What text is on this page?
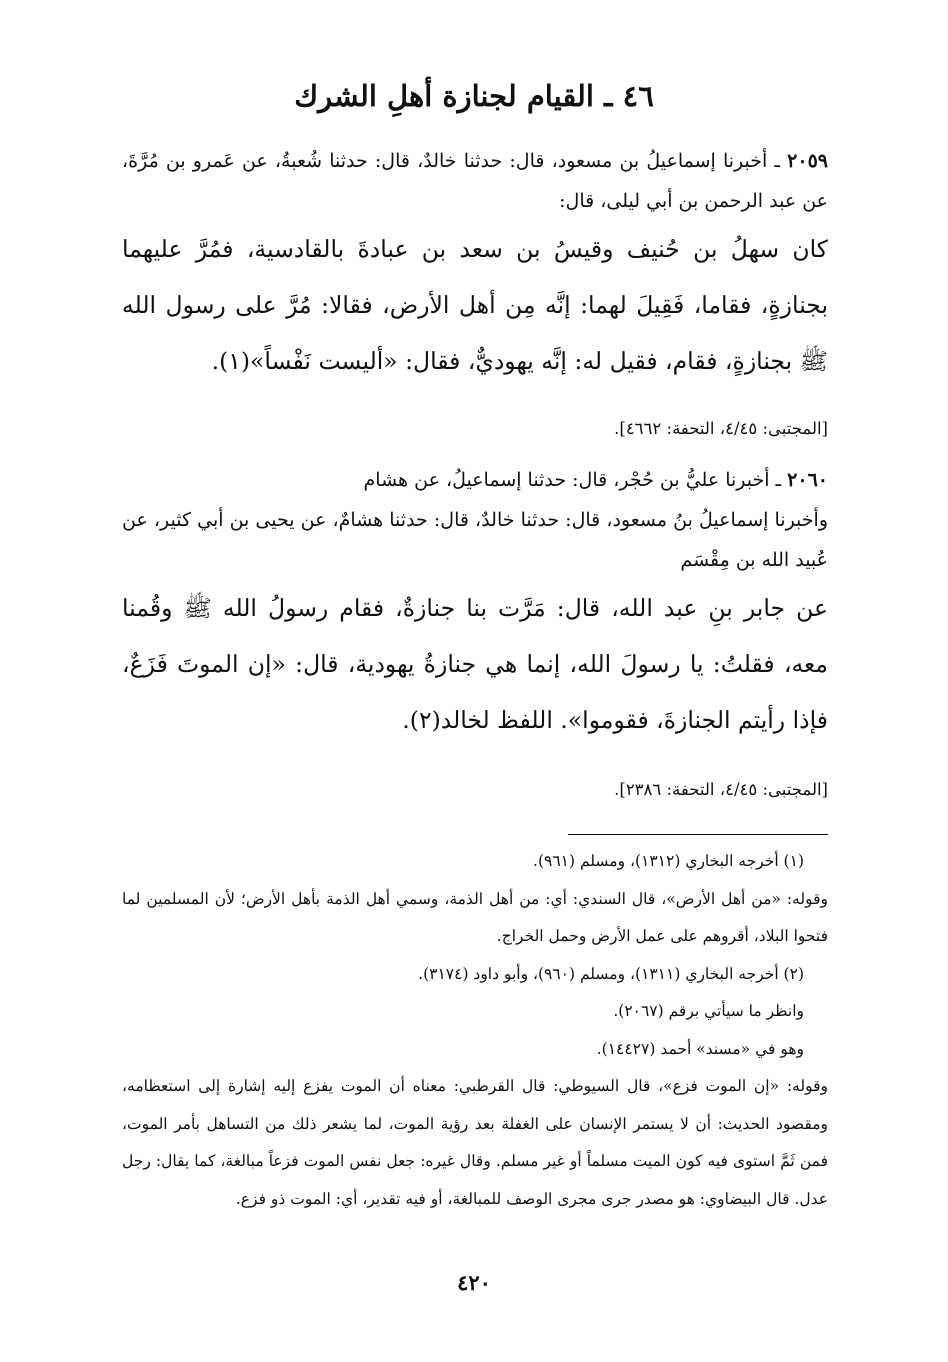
٤٦ ـ القيام لجنازة أهلِ الشرك

٢٠٥٩ ـ أخبرنا إسماعيلُ بن مسعود، قال: حدثنا خالدٌ، قال: حدثنا شُعبةُ، عن عَمرو بن مُرَّةَ، عن عبد الرحمن بن أبي ليلى، قال:

كان سهلُ بن حُنيف وقيسُ بن سعد بن عبادةَ بالقادسية، فمُرَّ عليهما بجنازةٍ، فقاما، فَقِيلَ لهما: إنَّه مِن أهل الأرض، فقالا: مُرَّ على رسول الله ﷺ بجنازةٍ، فقام، فقيل له: إنَّه يهوديٌّ، فقال: «أليست نَفْساً»(١).

[المجتبى: ٤/٤٥، التحفة: ٤٦٦٢].

٢٠٦٠ ـ أخبرنا عليُّ بن حُجْر، قال: حدثنا إسماعيلُ، عن هشام

وأخبرنا إسماعيلُ بنُ مسعود، قال: حدثنا خالدٌ، قال: حدثنا هشامٌ، عن يحيى بن أبي كثير، عن عُبيد الله بن مِقْسَم

عن جابر بنِ عبد الله، قال: مَرَّت بنا جنازةٌ، فقام رسولُ الله ﷺ وقُمنا معه، فقلتُ: يا رسولَ الله، إنما هي جنازةُ يهودية، قال: «إن الموتَ فَزَعٌ، فإذا رأيتم الجنازةَ، فقوموا». اللفظ لخالد(٢).

[المجتبى: ٤/٤٥، التحفة: ٢٣٨٦].

(١) أخرجه البخاري (١٣١٢)، ومسلم (٩٦١).

وقوله: «من أهل الأرض»، قال السندي: أي: من أهل الذمة، وسمي أهل الذمة بأهل الأرض؛ لأن المسلمين لما فتحوا البلاد، أقروهم على عمل الأرض وحمل الخراج.

(٢) أخرجه البخاري (١٣١١)، ومسلم (٩٦٠)، وأبو داود (٣١٧٤).

وانظر ما سيأتي برقم (٢٠٦٧).

وهو في «مسند» أحمد (١٤٤٢٧).

وقوله: «إن الموت فزع»، قال السيوطي: قال القرطبي: معناه أن الموت يفزع إليه إشارة إلى استعظامه، ومقصود الحديث: أن لا يستمر الإنسان على الغفلة بعد رؤية الموت، لما يشعر ذلك من التساهل بأمر الموت، فمن ثَمَّ استوى فيه كون الميت مسلماً أو غير مسلم. وقال غيره: جعل نفس الموت فزعاً مبالغة، كما يقال: رجل عدل. قال البيضاوي: هو مصدر جرى مجرى الوصف للمبالغة، أو فيه تقدير، أي: الموت ذو فزع.

٤٢٠
